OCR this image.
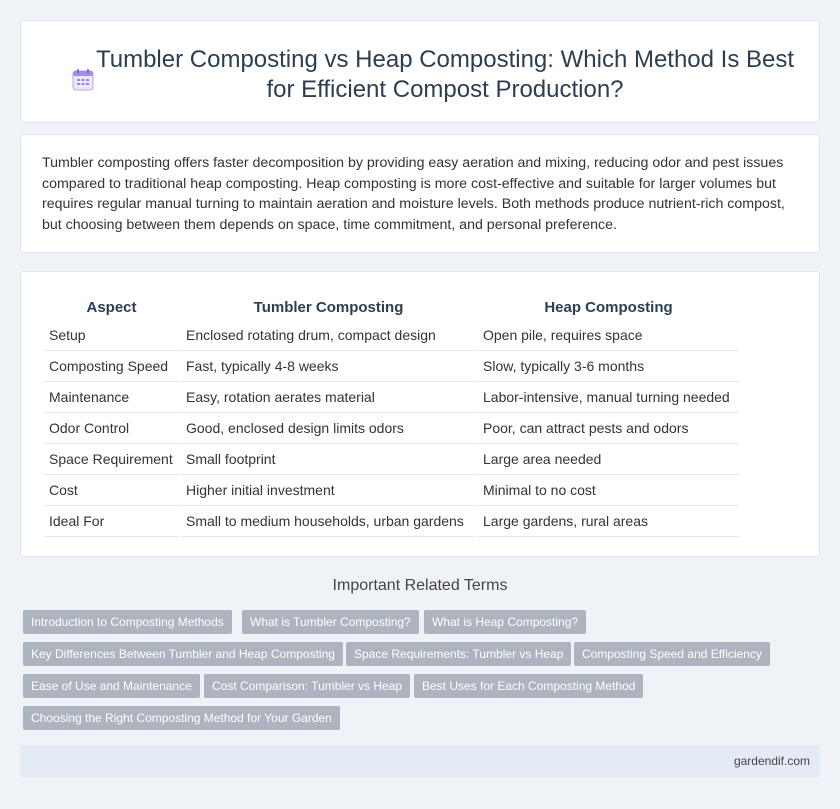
Tumbler Composting vs Heap Composting: Which Method Is Best for Efficient Compost Production?

Tumbler composting offers faster decomposition by providing easy aeration and mixing, reducing odor and pest issues compared to traditional heap composting. Heap composting is more cost-effective and suitable for larger volumes but requires regular manual turning to maintain aeration and moisture levels. Both methods produce nutrient-rich compost, but choosing between them depends on space, time commitment, and personal preference.

Aspect	Tumbler Composting	Heap Composting
Setup	Enclosed rotating drum, compact design	Open pile, requires space
Composting Speed	Fast, typically 4-8 weeks	Slow, typically 3-6 months
Maintenance	Easy, rotation aerates material	Labor-intensive, manual turning needed
Odor Control	Good, enclosed design limits odors	Poor, can attract pests and odors
Space Requirement	Small footprint	Large area needed
Cost	Higher initial investment	Minimal to no cost
Ideal For	Small to medium households, urban gardens	Large gardens, rural areas
Important Related Terms
Introduction to Composting Methods	What is Tumbler Composting?	What is Heap Composting?
Key Differences Between Tumbler and Heap Composting	Space Requirements: Tumbler vs Heap	Composting Speed and Efficiency
Ease of Use and Maintenance	Cost Comparison: Tumbler vs Heap	Best Uses for Each Composting Method
Choosing the Right Composting Method for Your Garden
gardendif.com
